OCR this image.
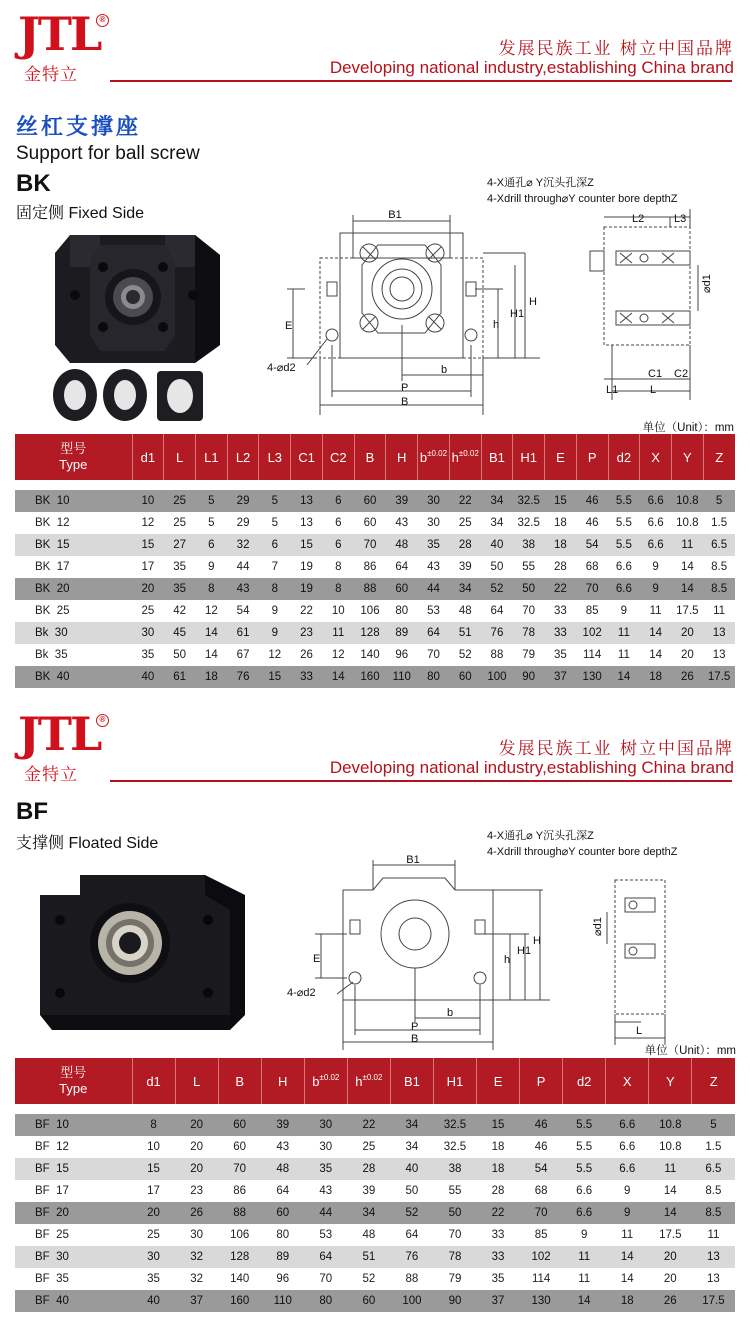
JTL ®
金特立
发展民族工业 树立中国品牌
Developing national industry,establishing China brand
丝杠支撑座
Support for ball screw
BK
固定侧 Fixed Side	B1
E	h
H1
H
4-⌀d2	b
P
B
4-X通孔⌀ Y沉头孔深Z
4-Xdrill through⌀Y counter bore depthZ
L2	L3
⌀d1
C1 C2
L1	L
单位（Unit）：mm
型号
Type	d1	L	L1	L2	L3	C1	C2	B	H	$b^{\pm 0.02}$	$h^{\pm 0.02}$	B1	H1	E	P	d2	X	Y	Z

BK  10	10	25	5	29	5	13	6	60	39	30	22	34	32.5	15	46	5.5	6.6	10.8	5
BK  12	12	25	5	29	5	13	6	60	43	30	25	34	32.5	18	46	5.5	6.6	10.8	1.5
BK  15	15	27	6	32	6	15	6	70	48	35	28	40	38	18	54	5.5	6.6	11	6.5
BK  17	17	35	9	44	7	19	8	86	64	43	39	50	55	28	68	6.6	9	14	8.5
BK  20	20	35	8	43	8	19	8	88	60	44	34	52	50	22	70	6.6	9	14	8.5
BK  25	25	42	12	54	9	22	10	106	80	53	48	64	70	33	85	9	11	17.5	11
Bk  30	30	45	14	61	9	23	11	128	89	64	51	76	78	33	102	11	14	20	13
Bk  35	35	50	14	67	12	26	12	140	96	70	52	88	79	35	114	11	14	20	13
BK  40	40	61	18	76	15	33	14	160	110	80	60	100	90	37	130	14	18	26	17.5
JTL ®
金特立
发展民族工业 树立中国品牌
Developing national industry,establishing China brand
BF
支撑侧 Floated Side
B1
E	h
H1
H
4-⌀d2
b
P
B
4-X通孔⌀ Y沉头孔深Z
4-Xdrill through⌀Y counter bore depthZ
⌀d1
L
单位（Unit）：mm
型号
Type	d1	L	B	H	$b^{\pm 0.02}$	$h^{\pm 0.02}$	B1	H1	E	P	d2	X	Y	Z

BF  10	8	20	60	39	30	22	34	32.5	15	46	5.5	6.6	10.8	5
BF  12	10	20	60	43	30	25	34	32.5	18	46	5.5	6.6	10.8	1.5
BF  15	15	20	70	48	35	28	40	38	18	54	5.5	6.6	11	6.5
BF  17	17	23	86	64	43	39	50	55	28	68	6.6	9	14	8.5
BF  20	20	26	88	60	44	34	52	50	22	70	6.6	9	14	8.5
BF  25	25	30	106	80	53	48	64	70	33	85	9	11	17.5	11
BF  30	30	32	128	89	64	51	76	78	33	102	11	14	20	13
BF  35	35	32	140	96	70	52	88	79	35	114	11	14	20	13
BF  40	40	37	160	110	80	60	100	90	37	130	14	18	26	17.5
